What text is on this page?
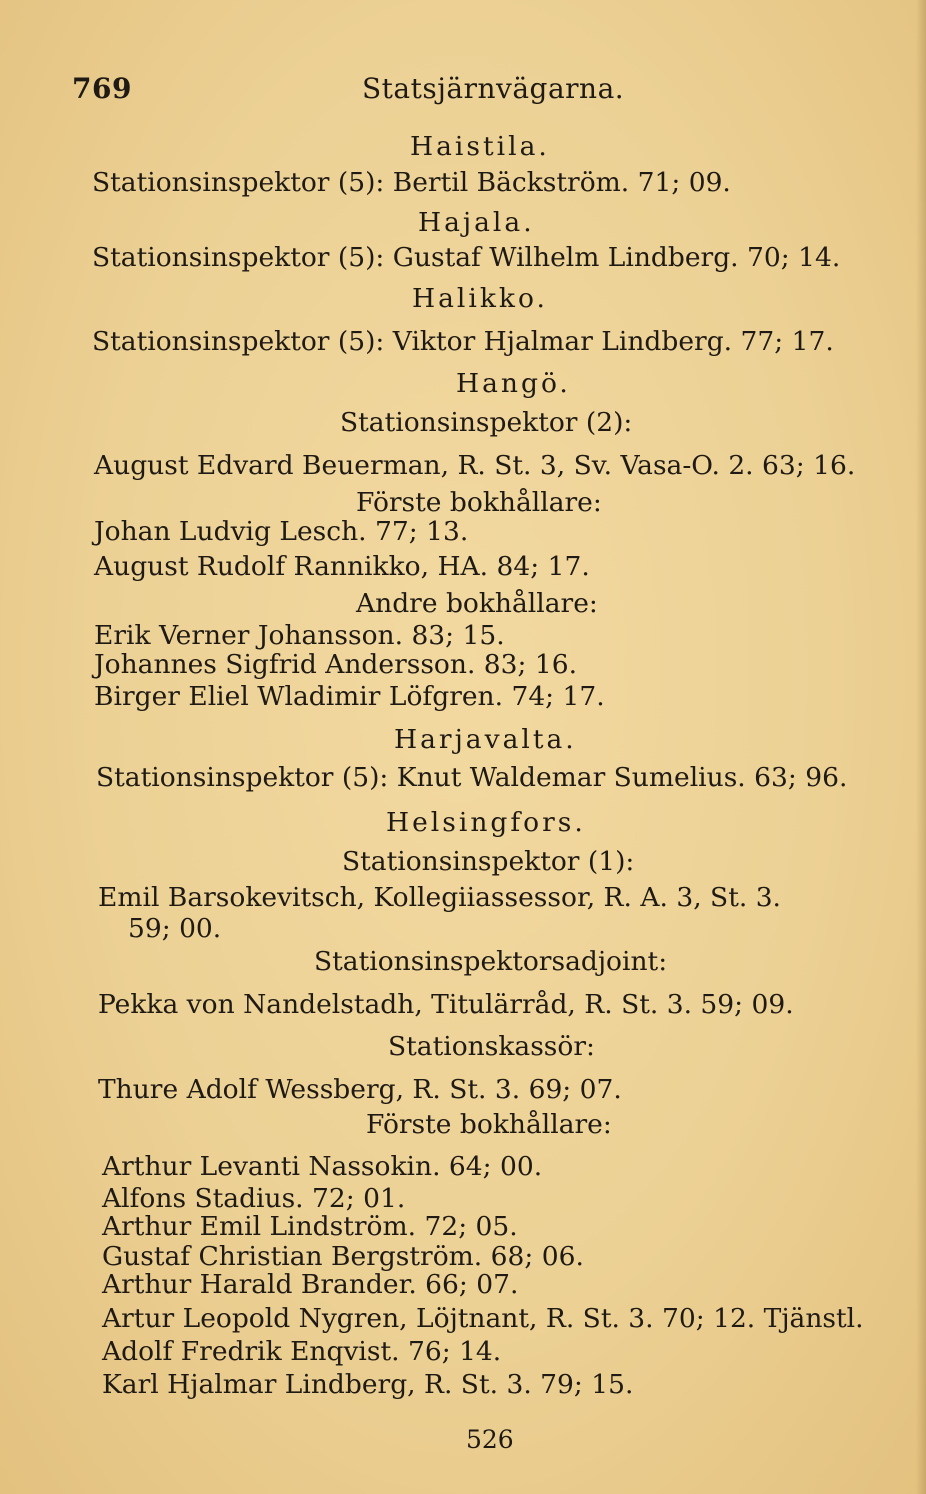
769	Statsjärnvägarna.
Haistila.
Stationsinspektor (5): Bertil Bäckström. 71; 09.
Hajala.
Stationsinspektor (5): Gustaf Wilhelm Lindberg. 70; 14.
Halikko.
Stationsinspektor (5): Viktor Hjalmar Lindberg. 77; 17.
Hangö.
Stationsinspektor (2):
August Edvard Beuerman, R. St. 3, Sv. Vasa-O. 2. 63; 16.
Förste bokhållare:
Johan Ludvig Lesch. 77; 13.
August Rudolf Rannikko, HA. 84; 17.
Andre bokhållare:
Erik Verner Johansson. 83; 15.
Johannes Sigfrid Andersson. 83; 16.
Birger Eliel Wladimir Löfgren. 74; 17.
Harjavalta.
Stationsinspektor (5): Knut Waldemar Sumelius. 63; 96.
Helsingfors.
Stationsinspektor (1):
Emil Barsokevitsch, Kollegiiassessor, R. A. 3, St. 3.
59; 00.
Stationsinspektorsadjoint:
Pekka von Nandelstadh, Titulärråd, R. St. 3. 59; 09.
Stationskassör:
Thure Adolf Wessberg, R. St. 3. 69; 07.
Förste bokhållare:
Arthur Levanti Nassokin. 64; 00.
Alfons Stadius. 72; 01.
Arthur Emil Lindström. 72; 05.
Gustaf Christian Bergström. 68; 06.
Arthur Harald Brander. 66; 07.
Artur Leopold Nygren, Löjtnant, R. St. 3. 70; 12. Tjänstl.
Adolf Fredrik Enqvist. 76; 14.
Karl Hjalmar Lindberg, R. St. 3. 79; 15.
526
